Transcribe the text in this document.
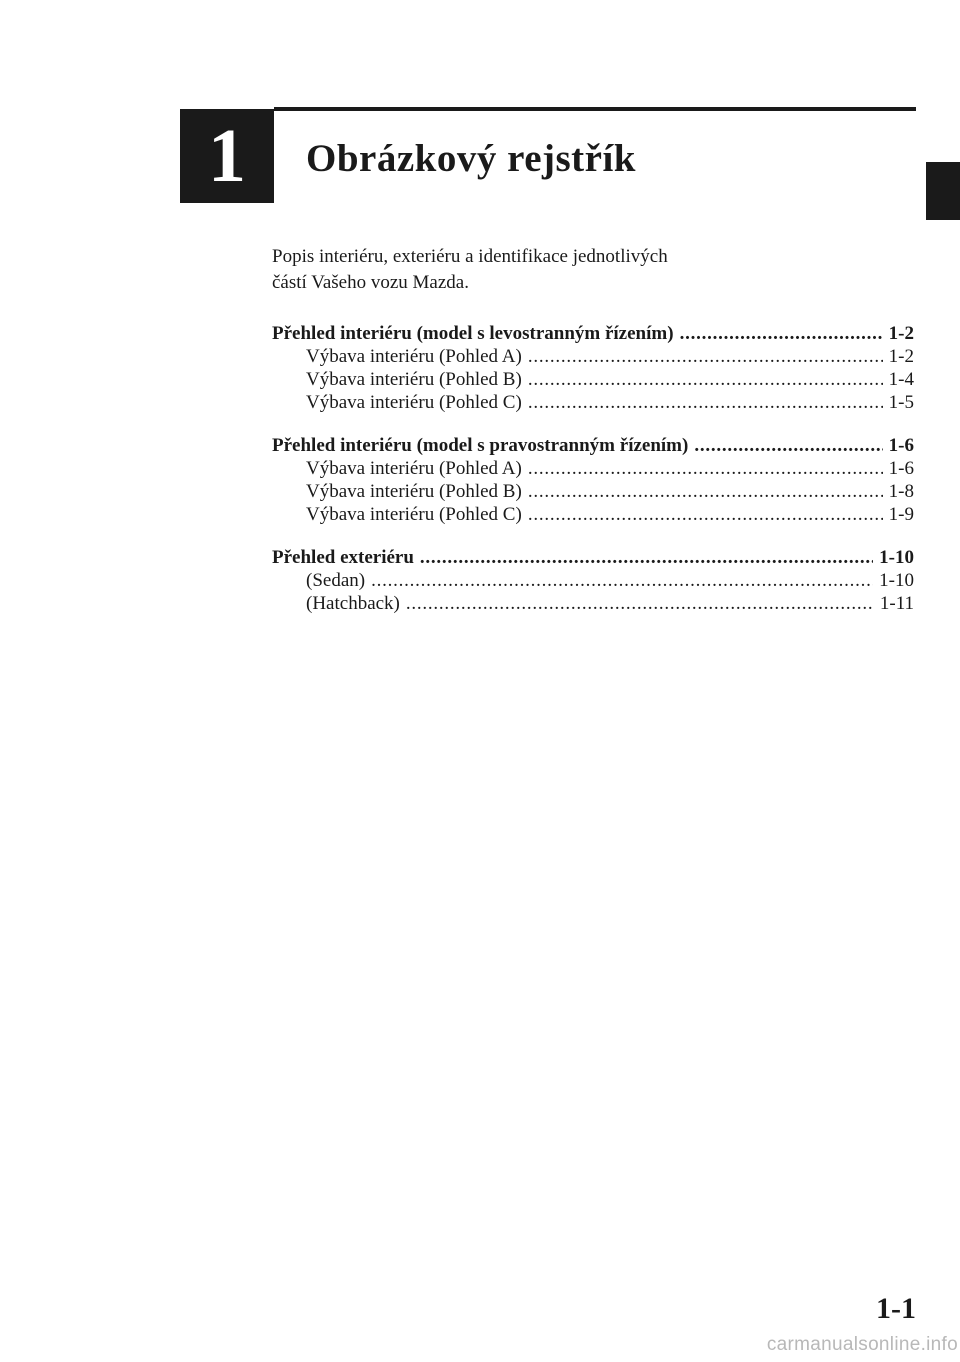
1 Obrázkový rejstřík
Popis interiéru, exteriéru a identifikace jednotlivých
částí Vašeho vozu Mazda.
Přehled interiéru (model s levostranným řízením) . . .	1-2
Výbava interiéru (Pohled A) . . .	1-2
Výbava interiéru (Pohled B) . . .	1-4
Výbava interiéru (Pohled C) . . .	1-5
Přehled interiéru (model s pravostranným řízením) . . .	1-6
Výbava interiéru (Pohled A) . . .	1-6
Výbava interiéru (Pohled B) . . .	1-8
Výbava interiéru (Pohled C) . . .	1-9
Přehled exteriéru . . .	1-10
(Sedan) . . .	1-10
(Hatchback) . . .	1-11
1-1
carmanualsonline.info
